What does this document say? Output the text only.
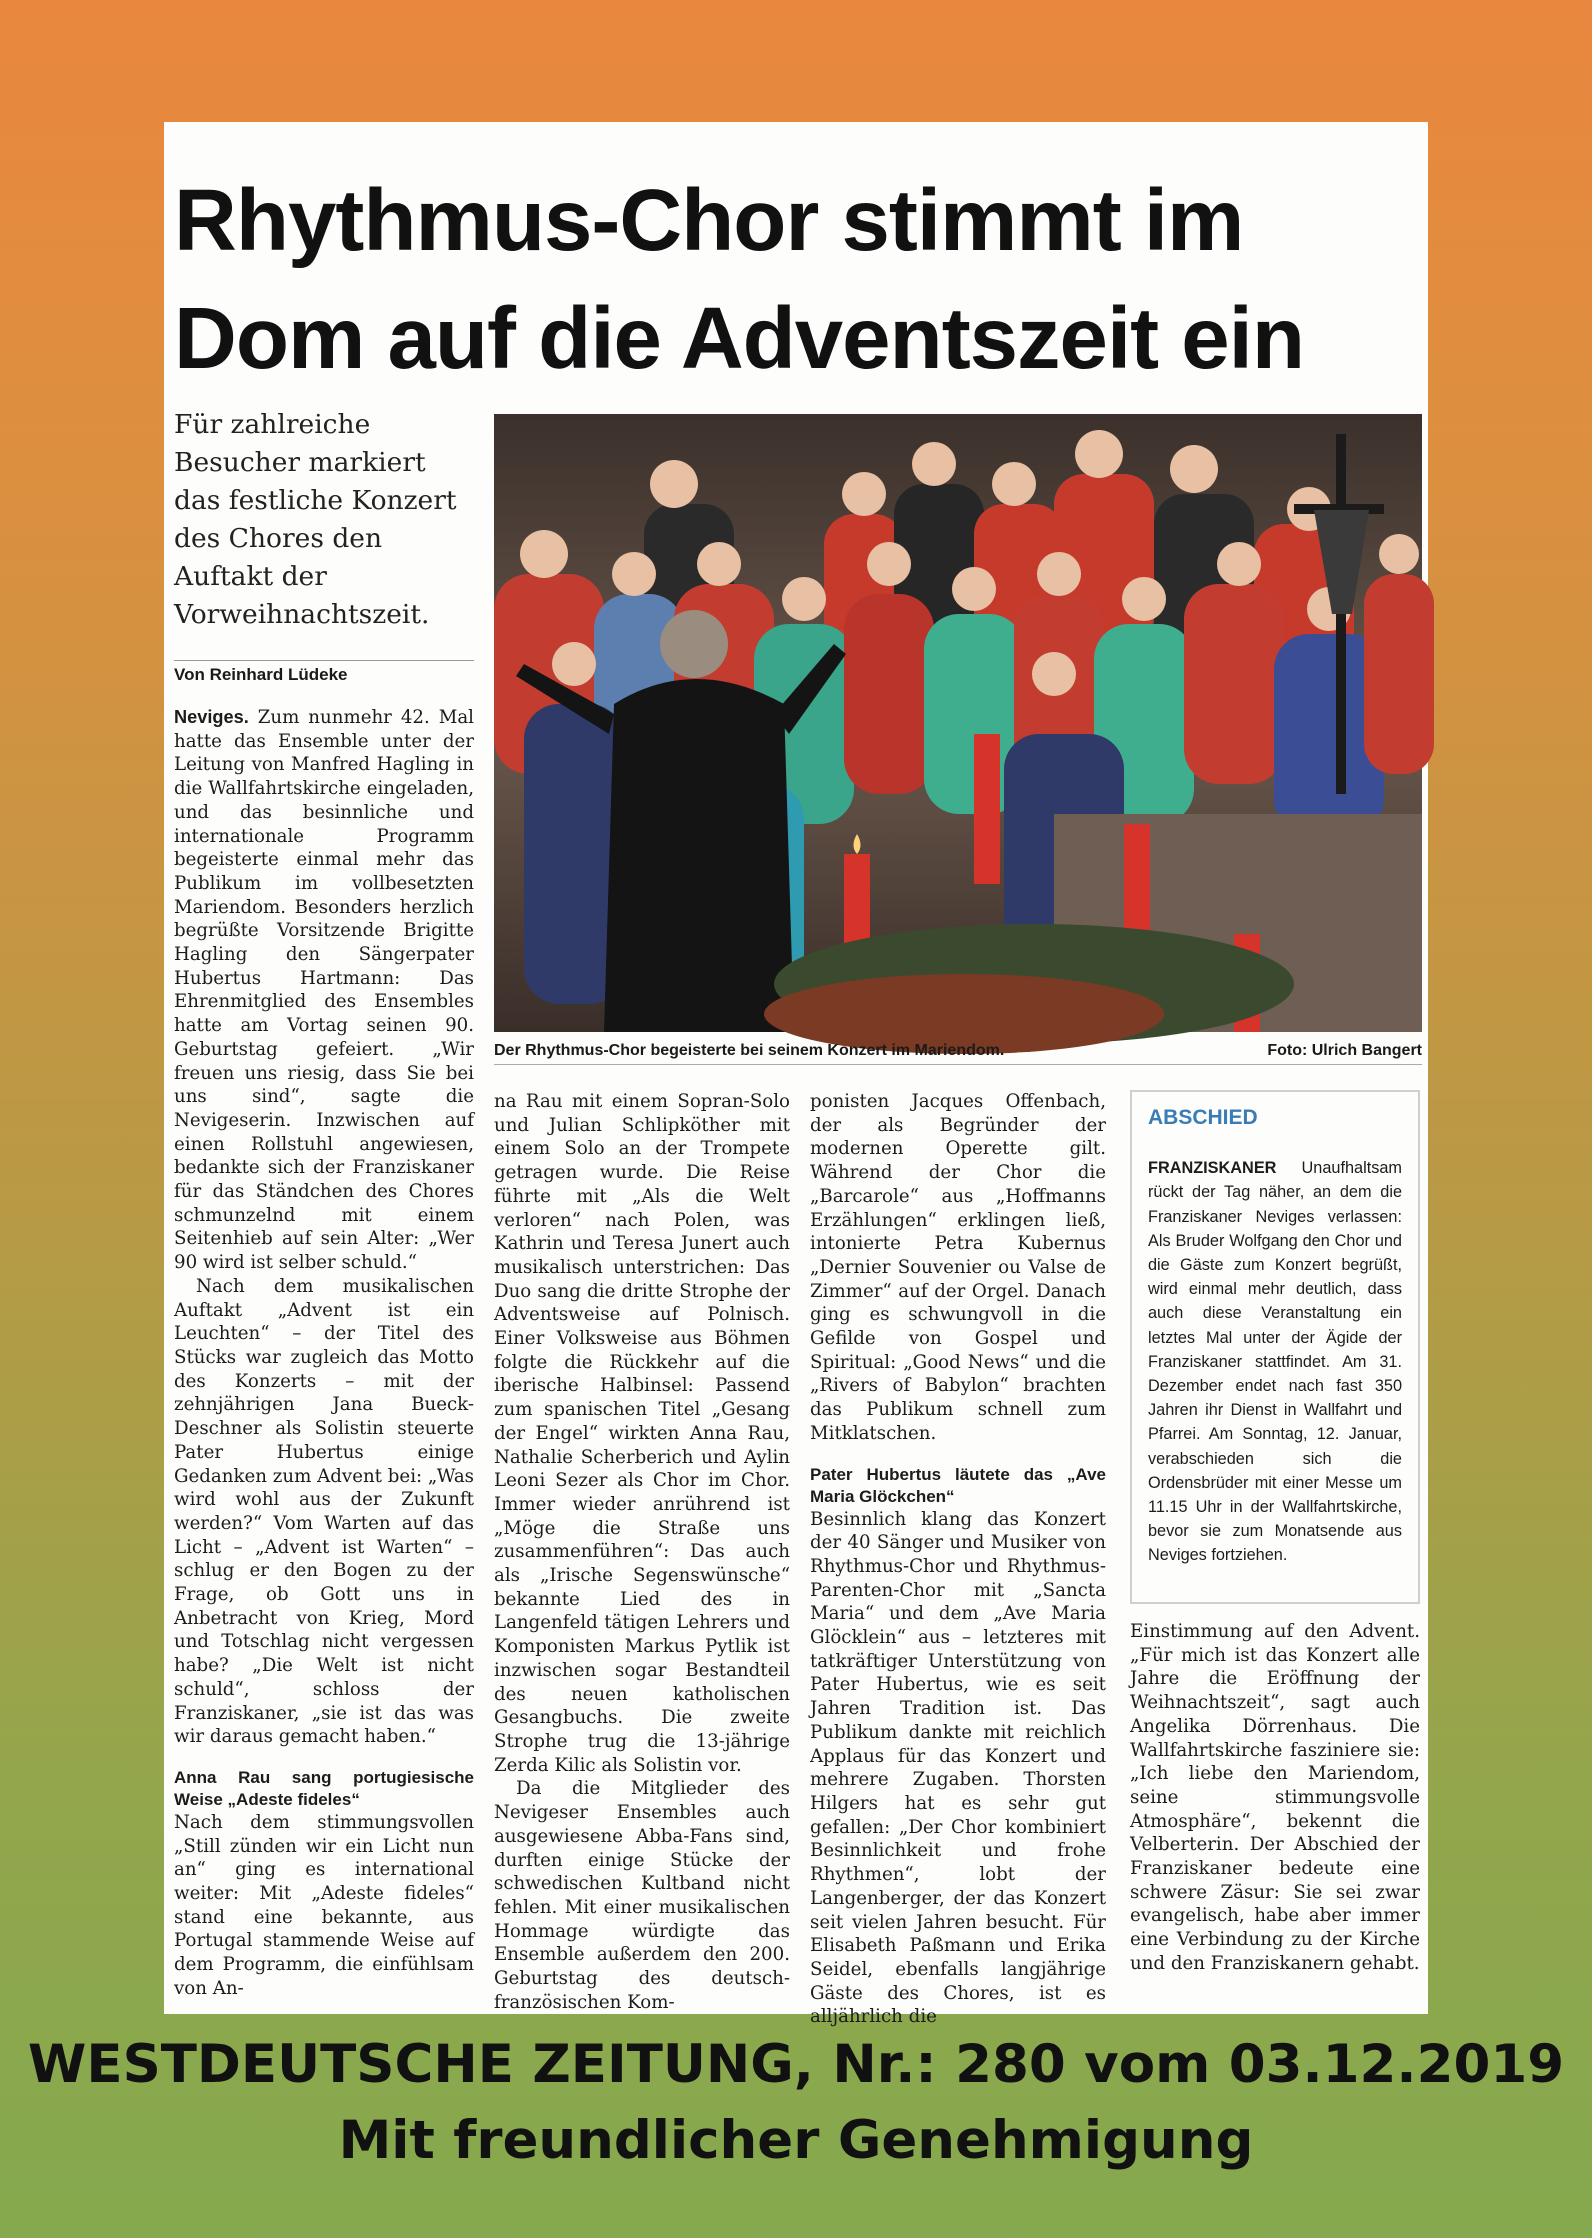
Rhythmus-Chor stimmt im
Dom auf die Adventszeit ein
Für zahlreiche Besucher markiert das festliche Konzert des Chores den Auftakt der Vorweihnachtszeit.
Von Reinhard Lüdeke
Der Rhythmus-Chor begeisterte bei seinem Konzert im Mariendom.	Foto: Ulrich Bangert

Neviges. Zum nunmehr 42. Mal hatte das Ensemble unter der Leitung von Manfred Hagling in die Wallfahrtskirche eingeladen, und das besinnliche und internationale Programm begeisterte einmal mehr das Publikum im vollbesetzten Mariendom. Besonders herzlich begrüßte Vorsitzende Brigitte Hagling den Sängerpater Hubertus Hartmann: Das Ehrenmitglied des Ensembles hatte am Vortag seinen 90. Geburtstag gefeiert. „Wir freuen uns riesig, dass Sie bei uns sind“, sagte die Nevigeserin. Inzwischen auf einen Rollstuhl angewiesen, bedankte sich der Franziskaner für das Ständchen des Chores schmunzelnd mit einem Seitenhieb auf sein Alter: „Wer 90 wird ist selber schuld.“

Nach dem musikalischen Auftakt „Advent ist ein Leuchten“ – der Titel des Stücks war zugleich das Motto des Konzerts – mit der zehnjährigen Jana Bueck-Deschner als Solistin steuerte Pater Hubertus einige Gedanken zum Advent bei: „Was wird wohl aus der Zukunft werden?“ Vom Warten auf das Licht – „Advent ist Warten“ – schlug er den Bogen zu der Frage, ob Gott uns in Anbetracht von Krieg, Mord und Totschlag nicht vergessen habe? „Die Welt ist nicht schuld“, schloss der Franziskaner, „sie ist das was wir daraus gemacht haben.“

Anna Rau sang portugiesische Weise „Adeste fideles“

Nach dem stimmungsvollen „Still zünden wir ein Licht nun an“ ging es international weiter: Mit „Adeste fideles“ stand eine bekannte, aus Portugal stammende Weise auf dem Programm, die einfühlsam von An-

na Rau mit einem Sopran-Solo und Julian Schlipköther mit einem Solo an der Trompete getragen wurde. Die Reise führte mit „Als die Welt verloren“ nach Polen, was Kathrin und Teresa Junert auch musikalisch unterstrichen: Das Duo sang die dritte Strophe der Adventsweise auf Polnisch. Einer Volksweise aus Böhmen folgte die Rückkehr auf die iberische Halbinsel: Passend zum spanischen Titel „Gesang der Engel“ wirkten Anna Rau, Nathalie Scherberich und Aylin Leoni Sezer als Chor im Chor. Immer wieder anrührend ist „Möge die Straße uns zusammenführen“: Das auch als „Irische Segenswünsche“ bekannte Lied des in Langenfeld tätigen Lehrers und Komponisten Markus Pytlik ist inzwischen sogar Bestandteil des neuen katholischen Gesangbuchs. Die zweite Strophe trug die 13-jährige Zerda Kilic als Solistin vor.

Da die Mitglieder des Nevigeser Ensembles auch ausgewiesene Abba-Fans sind, durften einige Stücke der schwedischen Kultband nicht fehlen. Mit einer musikalischen Hommage würdigte das Ensemble außerdem den 200. Geburtstag des deutsch-französischen Kom-

ponisten Jacques Offenbach, der als Begründer der modernen Operette gilt. Während der Chor die „Barcarole“ aus „Hoffmanns Erzählungen“ erklingen ließ, intonierte Petra Kubernus „Dernier Souvenier ou Valse de Zimmer“ auf der Orgel. Danach ging es schwungvoll in die Gefilde von Gospel und Spiritual: „Good News“ und die „Rivers of Babylon“ brachten das Publikum schnell zum Mitklatschen.

Pater Hubertus läutete das „Ave Maria Glöckchen“

Besinnlich klang das Konzert der 40 Sänger und Musiker von Rhythmus-Chor und Rhythmus-Parenten-Chor mit „Sancta Maria“ und dem „Ave Maria Glöcklein“ aus – letzteres mit tatkräftiger Unterstützung von Pater Hubertus, wie es seit Jahren Tradition ist. Das Publikum dankte mit reichlich Applaus für das Konzert und mehrere Zugaben. Thorsten Hilgers hat es sehr gut gefallen: „Der Chor kombiniert Besinnlichkeit und frohe Rhythmen“, lobt der Langenberger, der das Konzert seit vielen Jahren besucht. Für Elisabeth Paßmann und Erika Seidel, ebenfalls langjährige Gäste des Chores, ist es alljährlich die

ABSCHIED
FRANZISKANER Unaufhaltsam rückt der Tag näher, an dem die Franziskaner Neviges verlassen: Als Bruder Wolfgang den Chor und die Gäste zum Konzert begrüßt, wird einmal mehr deutlich, dass auch diese Veranstaltung ein letztes Mal unter der Ägide der Franziskaner stattfindet. Am 31. Dezember endet nach fast 350 Jahren ihr Dienst in Wallfahrt und Pfarrei. Am Sonntag, 12. Januar, verabschieden sich die Ordensbrüder mit einer Messe um 11.15 Uhr in der Wallfahrtskirche, bevor sie zum Monatsende aus Neviges fortziehen.

Einstimmung auf den Advent. „Für mich ist das Konzert alle Jahre die Eröffnung der Weihnachtszeit“, sagt auch Angelika Dörrenhaus. Die Wallfahrtskirche fasziniere sie: „Ich liebe den Mariendom, seine stimmungsvolle Atmosphäre“, bekennt die Velberterin. Der Abschied der Franziskaner bedeute eine schwere Zäsur: Sie sei zwar evangelisch, habe aber immer eine Verbindung zu der Kirche und den Franziskanern gehabt.

WESTDEUTSCHE ZEITUNG, Nr.: 280 vom 03.12.2019
Mit freundlicher Genehmigung
